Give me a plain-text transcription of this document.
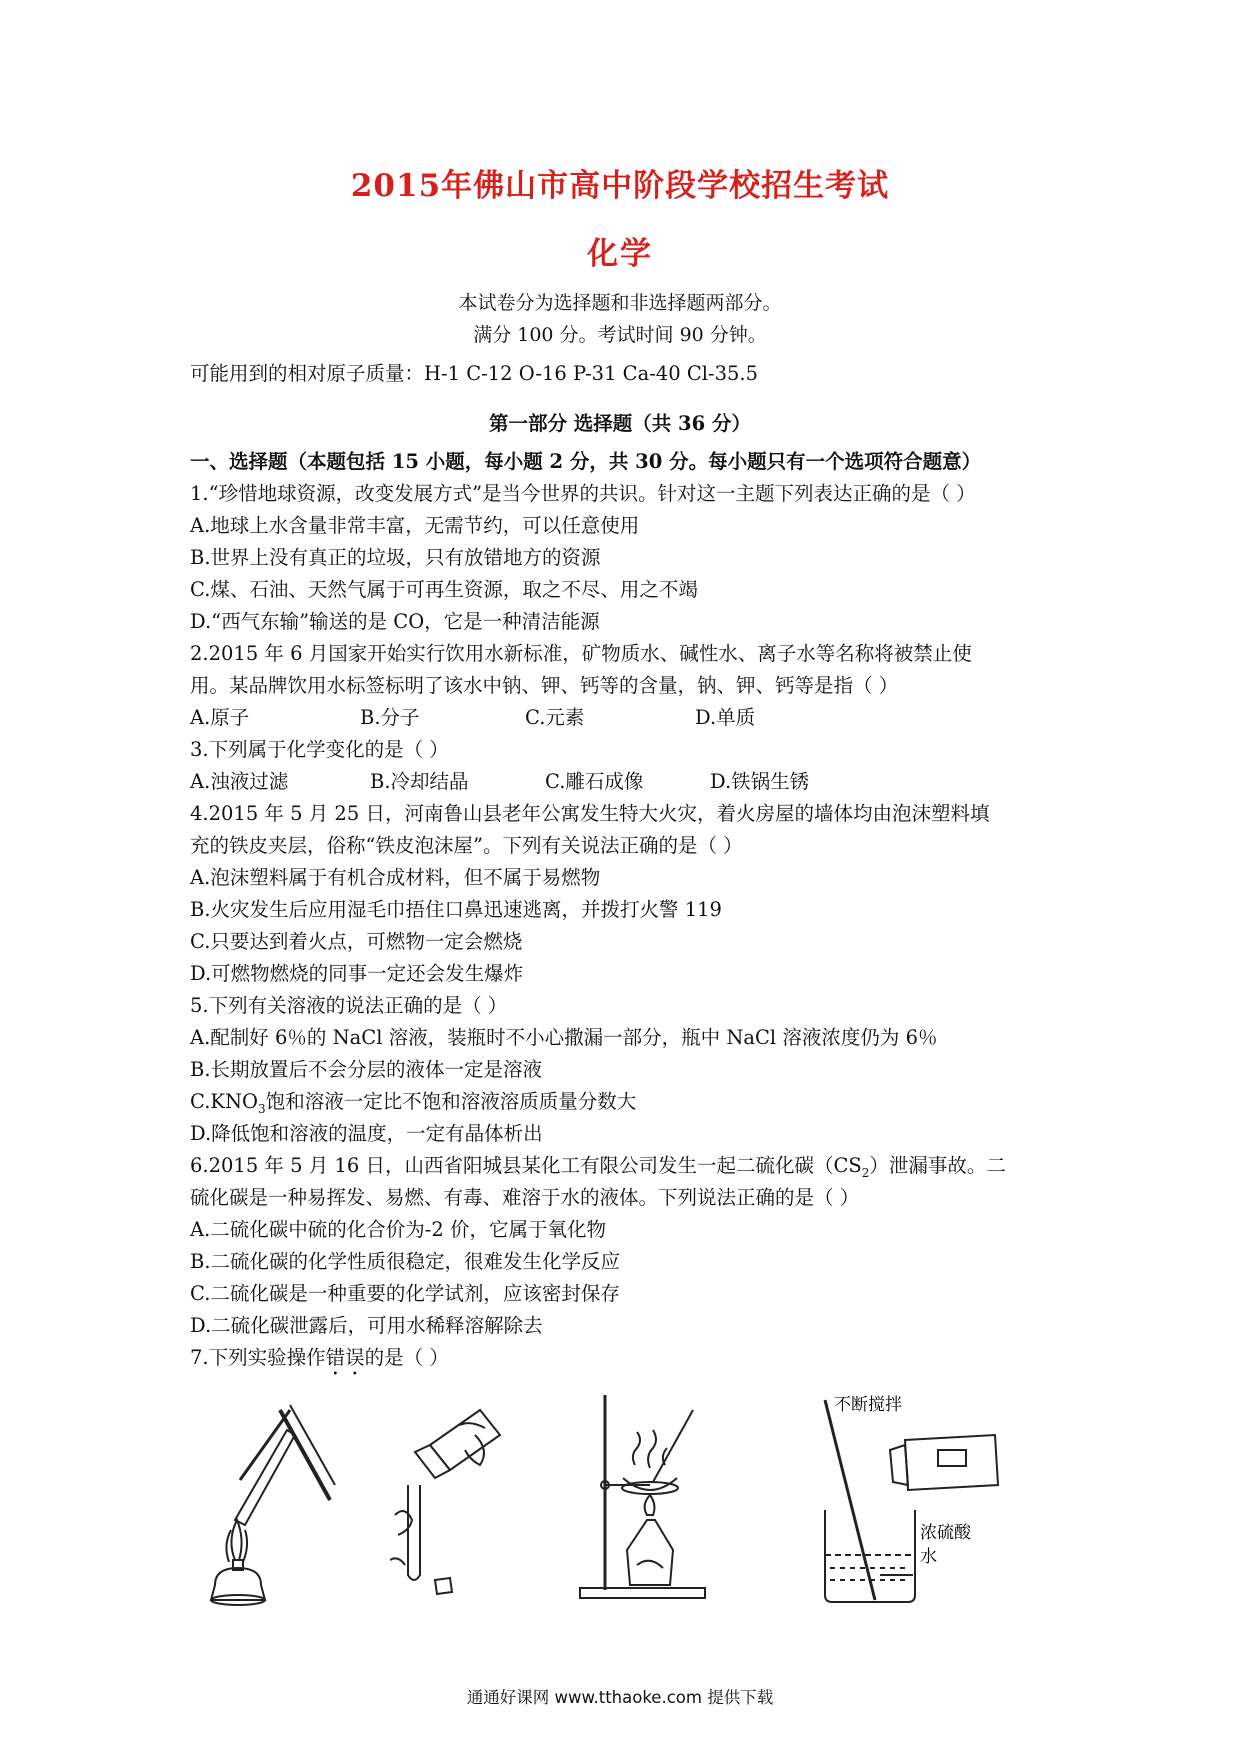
2015年佛山市高中阶段学校招生考试
化学
本试卷分为选择题和非选择题两部分。
满分 100 分。考试时间 90 分钟。
可能用到的相对原子质量：H-1 C-12 O-16 P-31 Ca-40 Cl-35.5
第一部分 选择题（共 36 分）
一、选择题（本题包括 15 小题，每小题 2 分，共 30 分。每小题只有一个选项符合题意）
1.“珍惜地球资源，改变发展方式”是当今世界的共识。针对这一主题下列表达正确的是（ ）
A.地球上水含量非常丰富，无需节约，可以任意使用
B.世界上没有真正的垃圾，只有放错地方的资源
C.煤、石油、天然气属于可再生资源，取之不尽、用之不竭
D.“西气东输”输送的是 CO，它是一种清洁能源
2.2015 年 6 月国家开始实行饮用水新标准，矿物质水、碱性水、离子水等名称将被禁止使
用。某品牌饮用水标签标明了该水中钠、钾、钙等的含量，钠、钾、钙等是指（ ）
A.原子	B.分子	C.元素	D.单质
3.下列属于化学变化的是（ ）
A.浊液过滤	B.冷却结晶	C.雕石成像	D.铁锅生锈
4.2015 年 5 月 25 日，河南鲁山县老年公寓发生特大火灾，着火房屋的墙体均由泡沫塑料填
充的铁皮夹层，俗称“铁皮泡沫屋”。下列有关说法正确的是（ ）
A.泡沫塑料属于有机合成材料，但不属于易燃物
B.火灾发生后应用湿毛巾捂住口鼻迅速逃离，并拨打火警 119
C.只要达到着火点，可燃物一定会燃烧
D.可燃物燃烧的同事一定还会发生爆炸
5.下列有关溶液的说法正确的是（ ）
A.配制好 6％的 NaCl 溶液，装瓶时不小心撒漏一部分，瓶中 NaCl 溶液浓度仍为 6％
B.长期放置后不会分层的液体一定是溶液
$C.KNO_3$饱和溶液一定比不饱和溶液溶质质量分数大
D.降低饱和溶液的温度，一定有晶体析出
6.2015 年 5 月 16 日，山西省阳城县某化工有限公司发生一起二硫化碳$(CS_2)$泄漏事故。二
硫化碳是一种易挥发、易燃、有毒、难溶于水的液体。下列说法正确的是（ ）
A.二硫化碳中硫的化合价为-2 价，它属于氧化物
B.二硫化碳的化学性质很稳定，很难发生化学反应
C.二硫化碳是一种重要的化学试剂，应该密封保存
D.二硫化碳泄露后，可用水稀释溶解除去
7.下列实验操作错误的是（ ）
不断搅拌
浓硫酸
水
通通好课网 www.tthaoke.com 提供下载
